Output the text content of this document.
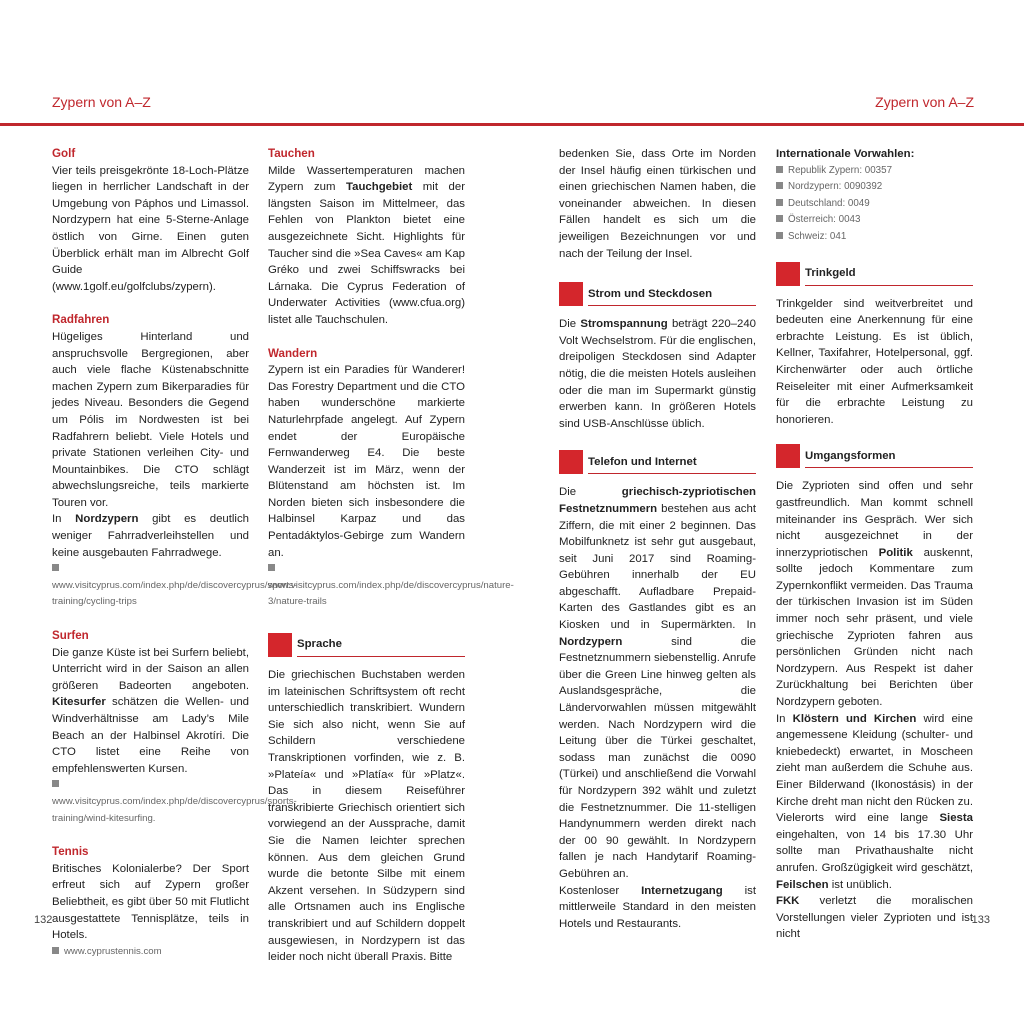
Zypern von A–Z	Zypern von A–Z

Golf

Vier teils preisgekrönte 18-Loch-Plätze liegen in herrlicher Landschaft in der Umgebung von Páphos und Limassol. Nordzypern hat eine 5-Sterne-Anlage östlich von Girne. Einen guten Überblick erhält man im Albrecht Golf Guide (www.1golf.eu/golfclubs/zypern).

Radfahren

Hügeliges Hinterland und anspruchsvolle Bergregionen, aber auch viele flache Küstenabschnitte machen Zypern zum Bikerparadies für jedes Niveau. Besonders die Gegend um Pólis im Nordwesten ist bei Radfahrern beliebt. Viele Hotels und private Stationen verleihen City- und Mountainbikes. Die CTO schlägt abwechslungsreiche, teils markierte Touren vor.

In Nordzypern gibt es deutlich weniger Fahrradverleihstellen und keine ausgebauten Fahrradwege.

www.visitcyprus.com/index.php/de/discovercyprus/sports-training/cycling-trips

Surfen

Die ganze Küste ist bei Surfern beliebt, Unterricht wird in der Saison an allen größeren Badeorten angeboten. Kitesurfer schätzen die Wellen- und Windverhältnisse am Lady’s Mile Beach an der Halbinsel Akrotíri. Die CTO listet eine Reihe von empfehlenswerten Kursen.

www.visitcyprus.com/index.php/de/discovercyprus/sports-training/wind-kitesurfing.

Tennis

Britisches Kolonialerbe? Der Sport erfreut sich auf Zypern großer Beliebtheit, es gibt über 50 mit Flutlicht ausgestattete Tennisplätze, teils in Hotels.

www.cyprustennis.com

Tauchen

Milde Wassertemperaturen machen Zypern zum Tauchgebiet mit der längsten Saison im Mittelmeer, das Fehlen von Plankton bietet eine ausgezeichnete Sicht. Highlights für Taucher sind die »Sea Caves« am Kap Gréko und zwei Schiffswracks bei Lárnaka. Die Cyprus Federation of Underwater Activities (www.cfua.org) listet alle Tauchschulen.

Wandern

Zypern ist ein Paradies für Wanderer! Das Forestry Department und die CTO haben wunderschöne markierte Naturlehrpfade angelegt. Auf Zypern endet der Europäische Fernwanderweg E4. Die beste Wanderzeit ist im März, wenn der Blütenstand am höchsten ist. Im Norden bieten sich insbesondere die Halbinsel Karpaz und das Pentadáktylos-Gebirge zum Wandern an.

www.visitcyprus.com/index.php/de/discovercyprus/nature-3/nature-trails

Sprache

Die griechischen Buchstaben werden im lateinischen Schriftsystem oft recht unterschiedlich transkribiert. Wundern Sie sich also nicht, wenn Sie auf Schildern verschiedene Transkriptionen vorfinden, wie z. B. »Plateía« und »Platía« für »Platz«. Das in diesem Reiseführer transkribierte Griechisch orientiert sich vorwiegend an der Aussprache, damit Sie die Namen leichter sprechen können. Aus dem gleichen Grund wurde die betonte Silbe mit einem Akzent versehen. In Südzypern sind alle Ortsnamen auch ins Englische transkribiert und auf Schildern doppelt ausgewiesen, in Nordzypern ist das leider noch nicht überall Praxis. Bitte

bedenken Sie, dass Orte im Norden der Insel häufig einen türkischen und einen griechischen Namen haben, die voneinander abweichen. In diesen Fällen handelt es sich um die jeweiligen Bezeichnungen vor und nach der Teilung der Insel.

Strom und Steckdosen

Die Stromspannung beträgt 220–240 Volt Wechselstrom. Für die englischen, dreipoligen Steckdosen sind Adapter nötig, die die meisten Hotels ausleihen oder die man im Supermarkt günstig erwerben kann. In größeren Hotels sind USB-Anschlüsse üblich.

Telefon und Internet

Die griechisch-zypriotischen Festnetznummern bestehen aus acht Ziffern, die mit einer 2 beginnen. Das Mobilfunknetz ist sehr gut ausgebaut, seit Juni 2017 sind Roaming-Gebühren innerhalb der EU abgeschafft. Aufladbare Prepaid-Karten des Gastlandes gibt es an Kiosken und in Supermärkten. In Nordzypern sind die Festnetznummern siebenstellig. Anrufe über die Green Line hinweg gelten als Auslandsgespräche, die Ländervorwahlen müssen mitgewählt werden. Nach Nordzypern wird die Leitung über die Türkei geschaltet, sodass man zunächst die 0090 (Türkei) und anschließend die Vorwahl für Nordzypern 392 wählt und zuletzt die Festnetznummer. Die 11-stelligen Handynummern werden direkt nach der 00 90 gewählt. In Nordzypern fallen je nach Handytarif Roaming-Gebühren an.

Kostenloser Internetzugang ist mittlerweile Standard in den meisten Hotels und Restaurants.

Internationale Vorwahlen:

Republik Zypern: 00357

Nordzypern: 0090392

Deutschland: 0049

Österreich: 0043

Schweiz: 041

Trinkgeld

Trinkgelder sind weitverbreitet und bedeuten eine Anerkennung für eine erbrachte Leistung. Es ist üblich, Kellner, Taxifahrer, Hotelpersonal, ggf. Kirchenwärter oder auch örtliche Reiseleiter mit einer Aufmerksamkeit für die erbrachte Leistung zu honorieren.

Umgangsformen

Die Zyprioten sind offen und sehr gastfreundlich. Man kommt schnell miteinander ins Gespräch. Wer sich nicht ausgezeichnet in der innerzypriotischen Politik auskennt, sollte jedoch Kommentare zum Zypernkonflikt vermeiden. Das Trauma der türkischen Invasion ist im Süden immer noch sehr präsent, und viele griechische Zyprioten fahren aus persönlichen Gründen nicht nach Nordzypern. Aus Respekt ist daher Zurückhaltung bei Berichten über Nordzypern geboten.

In Klöstern und Kirchen wird eine angemessene Kleidung (schulter- und kniebedeckt) erwartet, in Moscheen zieht man außerdem die Schuhe aus. Einer Bilderwand (Ikonostásis) in der Kirche dreht man nicht den Rücken zu. Vielerorts wird eine lange Siesta eingehalten, von 14 bis 17.30 Uhr sollte man Privathaushalte nicht anrufen. Großzügigkeit wird geschätzt, Feilschen ist unüblich.

FKK verletzt die moralischen Vorstellungen vieler Zyprioten und ist nicht

132	133
